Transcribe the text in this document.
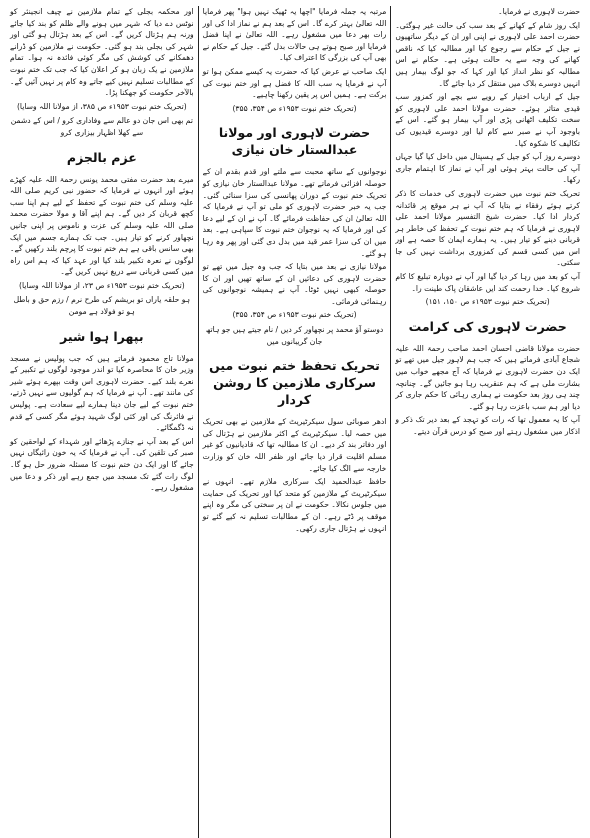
حضرت لاہوری نے فرمایا۔

ایک روز شام کے کھانے کے بعد سب کی حالت غیر ہوگئی۔ حضرت احمد علی لاہوری نے اپنی اور ان کے دیگر ساتھیوں نے جیل کے حکام سے رجوع کیا اور مطالبہ کیا کہ ناقص کھانے کی وجہ سے یہ حالت ہوئی ہے۔ حکام نے اس مطالبہ کو نظر انداز کیا اور کہا کہ جو لوگ بیمار ہیں انہیں دوسرے بلاک میں منتقل کر دیا جائے گا۔

جیل کے ارباب اختیار کے رویے سے بچے اور کمزور سب قیدی متاثر ہوئے۔ حضرت مولانا احمد علی لاہوری کو سخت تکلیف اٹھانی پڑی اور آپ بیمار ہو گئے۔ اس کے باوجود آپ نے صبر سے کام لیا اور دوسرے قیدیوں کی تکالیف کا شکوہ کیا۔

دوسرے روز آپ کو جیل کے ہسپتال میں داخل کیا گیا جہاں آپ کی حالت بہتر ہوئی اور آپ نے نماز کا اہتمام جاری رکھا۔

تحریک ختم نبوت میں حضرت لاہوری کی خدمات کا ذکر کرتے ہوئے رفقاء نے بتایا کہ آپ نے ہر موقع پر قائدانہ کردار ادا کیا۔ حضرت شیخ التفسیر مولانا احمد علی لاہوری نے فرمایا کہ ہم ختم نبوت کے تحفظ کی خاطر ہر قربانی دینے کو تیار ہیں۔ یہ ہمارے ایمان کا حصہ ہے اور اس میں کسی قسم کی کمزوری برداشت نہیں کی جا سکتی۔

آپ کو بعد میں رہا کر دیا گیا اور آپ نے دوبارہ تبلیغ کا کام شروع کیا۔ خدا رحمت کند ایں عاشقان پاک طینت را۔

(تحریک ختم نبوت ۱۹۵۳ء ص ۱۵۰، ۱۵۱)
حضرت لاہوری کی کرامت

حضرت مولانا قاضی احسان احمد صاحب رحمۃ اللہ علیہ شجاع آبادی فرماتے ہیں کہ جب ہم لاہور جیل میں تھے تو ایک دن حضرت لاہوری نے فرمایا کہ آج مجھے خواب میں بشارت ملی ہے کہ ہم عنقریب رہا ہو جائیں گے۔ چنانچہ چند ہی روز بعد حکومت نے ہماری رہائی کا حکم جاری کر دیا اور ہم سب باعزت رہا ہو گئے۔

آپ کا یہ معمول تھا کہ رات کو تہجد کے بعد دیر تک ذکر و اذکار میں مشغول رہتے اور صبح کو درس قرآن دیتے۔

مرتبہ یہ جملہ فرمایا "اچھا یہ ٹھیک نہیں ہوا" پھر فرمایا اللہ تعالیٰ بہتر کرے گا۔ اس کے بعد ہم نے نماز ادا کی اور رات بھر دعا میں مشغول رہے۔ اللہ تعالیٰ نے اپنا فضل فرمایا اور صبح ہوتے ہی حالات بدل گئے۔ جیل کے حکام نے بھی آپ کی بزرگی کا اعتراف کیا۔

ایک صاحب نے عرض کیا کہ حضرت یہ کیسے ممکن ہوا تو آپ نے فرمایا یہ سب اللہ کا فضل ہے اور ختم نبوت کی برکت ہے۔ ہمیں اس پر یقین رکھنا چاہیے۔

(تحریک ختم نبوت ۱۹۵۳ء ص ۳۵۴، ۳۵۵)
حضرت لاہوری اور مولانا عبدالستار خان نیازی

نوجوانوں کے ساتھ محبت سے ملتے اور قدم بقدم ان کے حوصلہ افزائی فرماتے تھے۔ مولانا عبدالستار خان نیازی کو تحریک ختم نبوت کے دوران پھانسی کی سزا سنائی گئی۔ جب یہ خبر حضرت لاہوری کو ملی تو آپ نے فرمایا کہ اللہ تعالیٰ ان کی حفاظت فرمائے گا۔ آپ نے ان کے لیے دعا کی اور فرمایا کہ یہ نوجوان ختم نبوت کا سپاہی ہے۔ بعد میں ان کی سزا عمر قید میں بدل دی گئی اور پھر وہ رہا ہو گئے۔

مولانا نیازی نے بعد میں بتایا کہ جب وہ جیل میں تھے تو حضرت لاہوری کی دعائیں ان کے ساتھ تھیں اور ان کا حوصلہ کبھی نہیں ٹوٹا۔ آپ نے ہمیشہ نوجوانوں کی رہنمائی فرمائی۔

(تحریک ختم نبوت ۱۹۵۳ء ص ۳۵۴، ۳۵۵)
دوستو آؤ محمد پر نچھاور کر دیں / نام جیتے ہیں جو ہاتھ جان گریبانوں میں
تحریک تحفظ ختم نبوت میں سرکاری ملازمین کا روشن کردار

ادھر صوبائی سول سیکرٹیریٹ کے ملازمین نے بھی تحریک میں حصہ لیا۔ سیکرٹیریٹ کے اکثر ملازمین نے ہڑتال کی اور دفاتر بند کر دیے۔ ان کا مطالبہ تھا کہ قادیانیوں کو غیر مسلم اقلیت قرار دیا جائے اور ظفر اللہ خان کو وزارت خارجہ سے الگ کیا جائے۔

حافظ عبدالحمید ایک سرکاری ملازم تھے۔ انہوں نے سیکرٹیریٹ کے ملازمین کو متحد کیا اور تحریک کی حمایت میں جلوس نکالا۔ حکومت نے ان پر سختی کی مگر وہ اپنے موقف پر ڈٹے رہے۔ ان کے مطالبات تسلیم نہ کیے گئے تو انہوں نے ہڑتال جاری رکھی۔

اور محکمہ بجلی کے تمام ملازمین نے چیف انجینئر کو نوٹس دے دیا کہ شہر میں ہونے والے ظلم کو بند کیا جائے ورنہ ہم ہڑتال کریں گے۔ اس کے بعد ہڑتال ہو گئی اور شہر کی بجلی بند ہو گئی۔ حکومت نے ملازمین کو ڈرانے دھمکانے کی کوشش کی مگر کوئی فائدہ نہ ہوا۔ تمام ملازمین نے یک زبان ہو کر اعلان کیا کہ جب تک ختم نبوت کے مطالبات تسلیم نہیں کیے جاتے وہ کام پر نہیں آئیں گے۔ بالآخر حکومت کو جھکنا پڑا۔

(تحریک ختم نبوت ۱۹۵۳ء ص ۳۸۵، از مولانا اللہ وسایا)
تم بھی اس جان دو عالم سے وفاداری کرو / اس کے دشمن سے کھلا اظہار بیزاری کرو
عزم بالجزم

میرے بعد حضرت مفتی محمد یونس رحمۃ اللہ علیہ کھڑے ہوئے اور انہوں نے فرمایا کہ حضور نبی کریم صلی اللہ علیہ وسلم کی ختم نبوت کے تحفظ کے لیے ہم اپنا سب کچھ قربان کر دیں گے۔ ہم اپنے آقا و مولا حضرت محمد صلی اللہ علیہ وسلم کی عزت و ناموس پر اپنی جانیں نچھاور کرنے کو تیار ہیں۔ جب تک ہمارے جسم میں ایک بھی سانس باقی ہے ہم ختم نبوت کا پرچم بلند رکھیں گے۔ لوگوں نے نعرہ تکبیر بلند کیا اور عہد کیا کہ ہم اس راہ میں کسی قربانی سے دریغ نہیں کریں گے۔

(تحریک ختم نبوت ۱۹۵۳ء ص ۲۳، از مولانا اللہ وسایا)
ہو حلقہ یاراں تو بریشم کی طرح نرم / رزم حق و باطل ہو تو فولاد ہے مومن
بپھرا ہوا شیر

مولانا تاج محمود فرماتے ہیں کہ جب پولیس نے مسجد وزیر خان کا محاصرہ کیا تو اندر موجود لوگوں نے تکبیر کے نعرے بلند کیے۔ حضرت لاہوری اس وقت بپھرے ہوئے شیر کی مانند تھے۔ آپ نے فرمایا کہ ہم گولیوں سے نہیں ڈرتے، ختم نبوت کے لیے جان دینا ہمارے لیے سعادت ہے۔ پولیس نے فائرنگ کی اور کئی لوگ شہید ہوئے مگر کسی کے قدم نہ ڈگمگائے۔

اس کے بعد آپ نے جنازے پڑھائے اور شہداء کے لواحقین کو صبر کی تلقین کی۔ آپ نے فرمایا کہ یہ خون رائیگاں نہیں جائے گا اور ایک دن ختم نبوت کا مسئلہ ضرور حل ہو گا۔ لوگ رات گئے تک مسجد میں جمع رہے اور ذکر و دعا میں مشغول رہے۔
